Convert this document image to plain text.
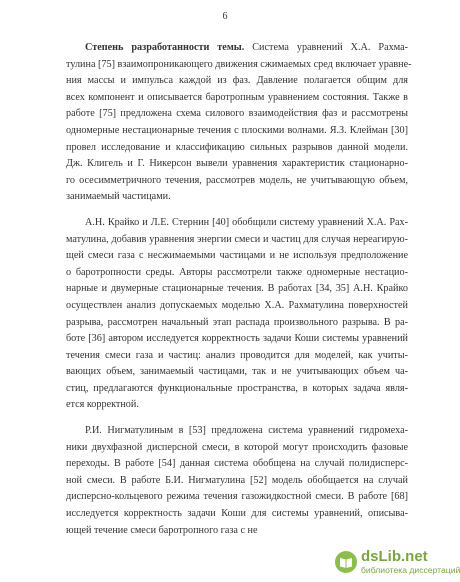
6

Степень разработанности темы. Система уравнений Х.А. Рахма-
тулина [75] взаимопроникающего движения сжимаемых сред включает уравне-
ния массы и импульса каждой из фаз. Давление полагается общим для
всех компонент и описывается баротропным уравнением состояния. Также в
работе [75] предложена схема силового взаимодействия фаз и рассмотрены
одномерные нестационарные течения с плоскими волнами. Я.З. Клейман [30]
провел исследование и классификацию сильных разрывов данной модели.
Дж. Клигель и Г. Никерсон вывели уравнения характеристик стационарно-
го осесимметричного течения, рассмотрев модель, не учитывающую объем,
занимаемый частицами.

А.Н. Крайко и Л.Е. Стернин [40] обобщили систему уравнений Х.А. Рах-
матулина, добавив уравнения энергии смеси и частиц для случая нереагирую-
щей смеси газа с несжимаемыми частицами и не используя предположение
о баротропности среды. Авторы рассмотрели также одномерные нестацио-
нарные и двумерные стационарные течения. В работах [34, 35] А.Н. Крайко
осуществлен анализ допускаемых моделью Х.А. Рахматулина поверхностей
разрыва, рассмотрен начальный этап распада произвольного разрыва. В ра-
боте [36] автором исследуется корректность задачи Коши системы уравнений
течения смеси газа и частиц: анализ проводится для моделей, как учиты-
вающих объем, занимаемый частицами, так и не учитывающих объем ча-
стиц, предлагаются функциональные пространства, в которых задача явля-
ется корректной.

Р.И. Нигматулиным в [53] предложена система уравнений гидромеха-
ники двухфазной дисперсной смеси, в которой могут происходить фазовые
переходы. В работе [54] данная система обобщена на случай полидисперс-
ной смеси. В работе Б.И. Нигматулина [52] модель обобщается на случай
дисперсно-кольцевого режима течения газожидкостной смеси. В работе [68]
исследуется корректность задачи Коши для системы уравнений, описыва-
ющей течение смеси баротропного газа с не

dsLib.net
библиотека диссертаций
